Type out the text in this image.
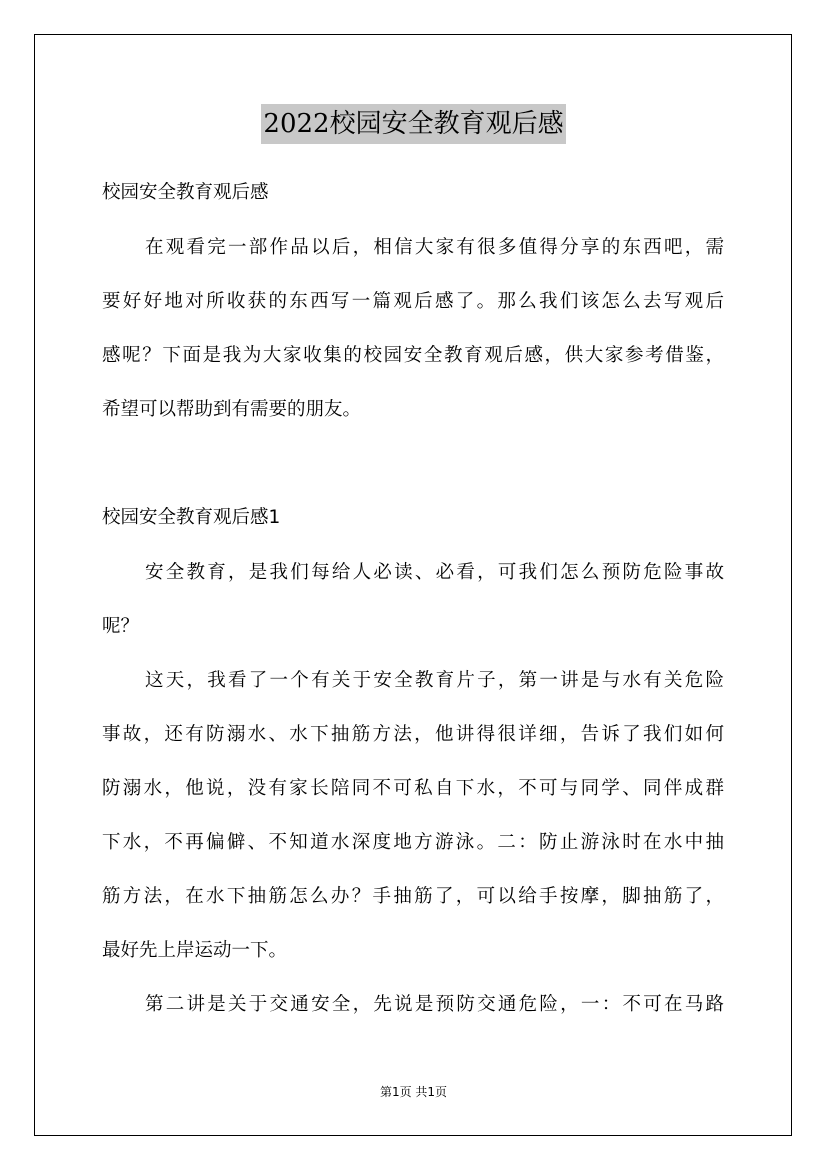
2022校园安全教育观后感
校园安全教育观后感
在观看完一部作品以后，相信大家有很多值得分享的东西吧，需
要好好地对所收获的东西写一篇观后感了。那么我们该怎么去写观后
感呢？下面是我为大家收集的校园安全教育观后感，供大家参考借鉴，
希望可以帮助到有需要的朋友。
校园安全教育观后感1
安全教育，是我们每给人必读、必看，可我们怎么预防危险事故
呢？
这天，我看了一个有关于安全教育片子，第一讲是与水有关危险
事故，还有防溺水、水下抽筋方法，他讲得很详细，告诉了我们如何
防溺水，他说，没有家长陪同不可私自下水，不可与同学、同伴成群
下水，不再偏僻、不知道水深度地方游泳。二：防止游泳时在水中抽
筋方法，在水下抽筋怎么办？手抽筋了，可以给手按摩，脚抽筋了，
最好先上岸运动一下。
第二讲是关于交通安全，先说是预防交通危险，一：不可在马路
第1页 共1页
